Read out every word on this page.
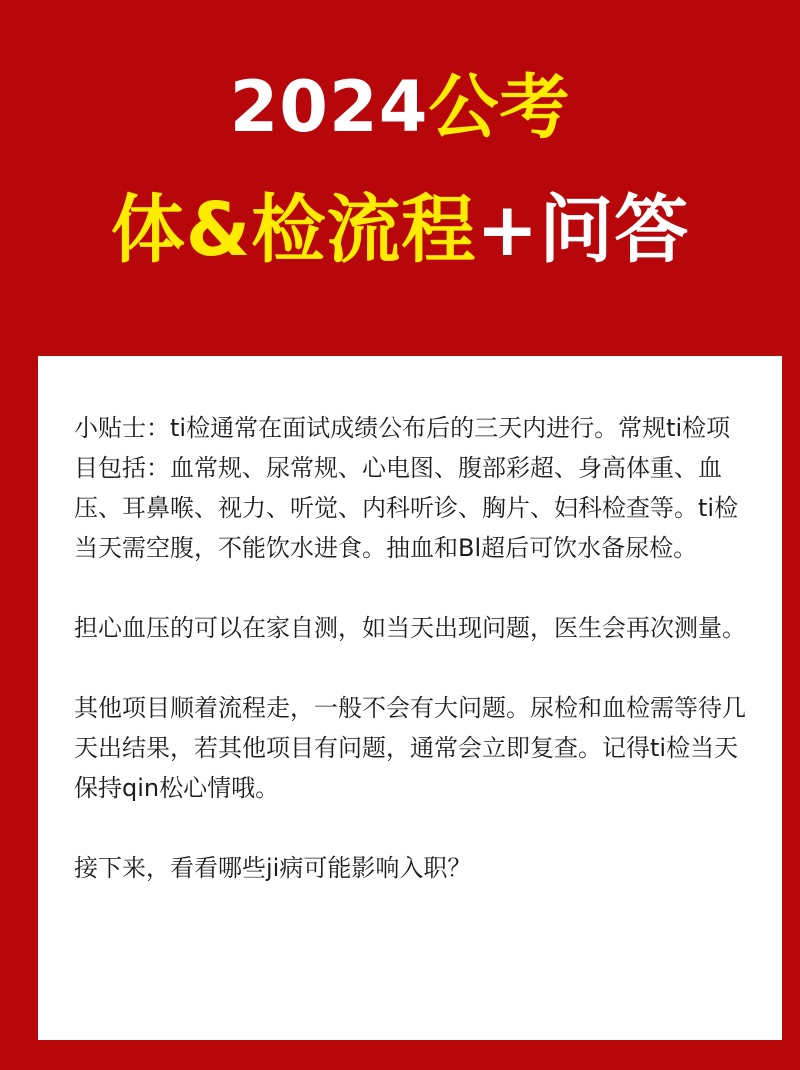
2024公考
体&检流程+问答

小贴士：ti检通常在面试成绩公布后的三天内进行。常规ti检项目包括：血常规、尿常规、心电图、腹部彩超、身高体重、血压、耳鼻喉、视力、听觉、内科听诊、胸片、妇科检查等。ti检当天需空腹，不能饮水进食。抽血和Bl超后可饮水备尿检。

担心血压的可以在家自测，如当天出现问题，医生会再次测量。

其他项目顺着流程走，一般不会有大问题。尿检和血检需等待几天出结果，若其他项目有问题，通常会立即复查。记得ti检当天保持qin松心情哦。

接下来，看看哪些ji病可能影响入职？
